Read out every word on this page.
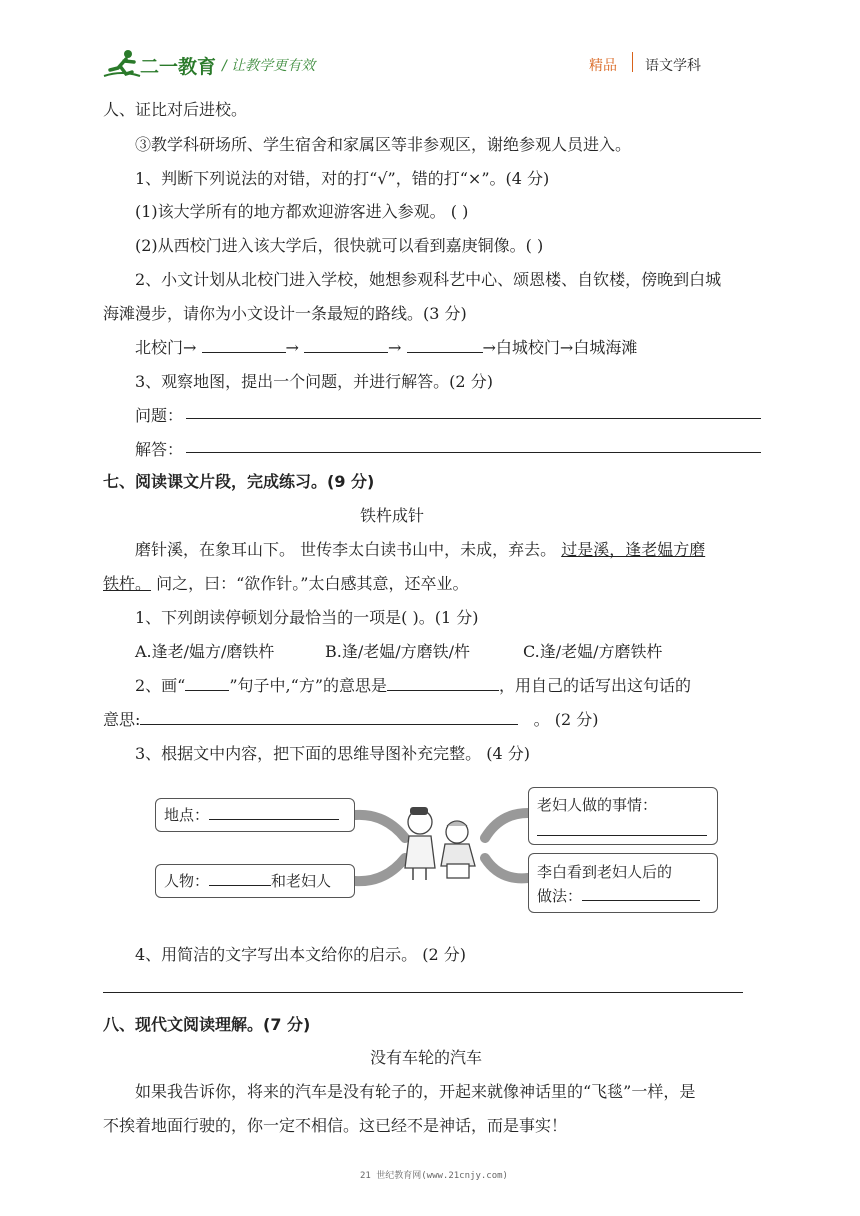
二一教育 / 让教学更有效	精品 语文学科
人、证比对后进校。
③教学科研场所、学生宿舍和家属区等非参观区，谢绝参观人员进入。
1、判断下列说法的对错，对的打“√”，错的打“×”。(4 分)
(1)该大学所有的地方都欢迎游客进入参观。 ( )
(2)从西校门进入该大学后，很快就可以看到嘉庚铜像。( )
2、小文计划从北校门进入学校，她想参观科艺中心、颂恩楼、自钦楼，傍晚到白城
海滩漫步，请你为小文设计一条最短的路线。(3 分)
北校门→	→	→	→白城校门→白城海滩
3、观察地图，提出一个问题，并进行解答。(2 分)
问题：
解答：
七、阅读课文片段，完成练习。(9 分)
铁杵成针
磨针溪，在象耳山下。 世传李太白读书山中，未成，弃去。 过是溪，逢老媪方磨
铁杵。 问之，曰：“欲作针。”太白感其意，还卒业。
1、下列朗读停顿划分最恰当的一项是( )。(1 分)
A.逢老/媪方/磨铁杵	B.逢/老媪/方磨铁/杵	C.逢/老媪/方磨铁杵
2、画“	”句子中,“方”的意思是	，用自己的话写出这句话的
意思:	。 (2 分)
3、根据文中内容，把下面的思维导图补充完整。 (4 分)
地点：
人物：	和老妇人
老妇人做的事情：
李白看到老妇人后的
做法：
4、用简洁的文字写出本文给你的启示。 (2 分)
八、现代文阅读理解。(7 分)
没有车轮的汽车
如果我告诉你，将来的汽车是没有轮子的，开起来就像神话里的“飞毯”一样，是
不挨着地面行驶的，你一定不相信。这已经不是神话，而是事实！
21 世纪教育网(www.21cnjy.com)
